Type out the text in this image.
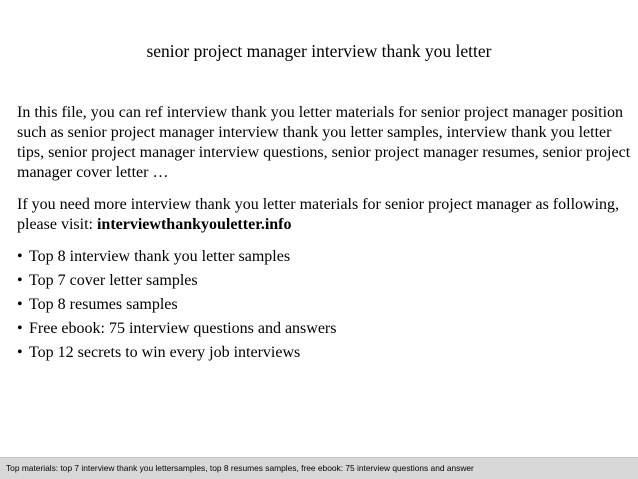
senior project manager interview thank you letter

In this file, you can ref interview thank you letter materials for senior project manager position such as senior project manager interview thank you letter samples, interview thank you letter tips, senior project manager interview questions, senior project manager resumes, senior project manager cover letter …

If you need more interview thank you letter materials for senior project manager as following, please visit: interviewthankyouletter.info

• Top 8 interview thank you letter samples
• Top 7 cover letter samples
• Top 8 resumes samples
• Free ebook: 75 interview questions and answers
• Top 12 secrets to win every job interviews
Top materials: top 7 interview thank you lettersamples, top 8 resumes samples, free ebook: 75 interview questions and answer
